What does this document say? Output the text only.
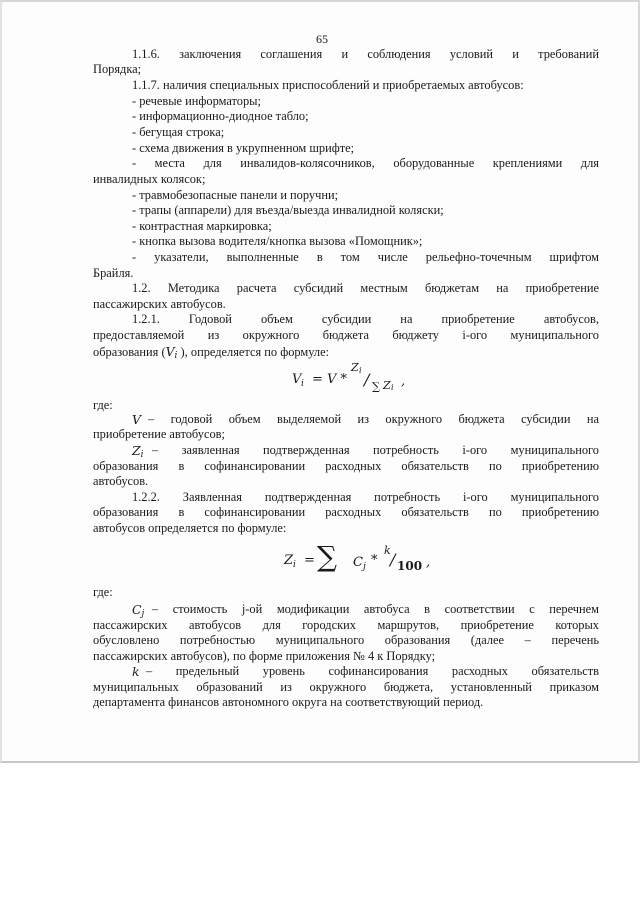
65
1.1.6. заключения соглашения и соблюдения условий и требований
Порядка;
1.1.7. наличия специальных приспособлений и приобретаемых автобусов:
- речевые информаторы;
- информационно-диодное табло;
- бегущая строка;
- схема движения в укрупненном шрифте;
- места для инвалидов-колясочников, оборудованные креплениями для
инвалидных колясок;
- травмобезопасные панели и поручни;
- трапы (аппарели) для въезда/выезда инвалидной коляски;
- контрастная маркировка;
- кнопка вызова водителя/кнопка вызова «Помощник»;
- указатели, выполненные в том числе рельефно-точечным шрифтом
Брайля.
1.2. Методика расчета субсидий местным бюджетам на приобретение
пассажирских автобусов.
1.2.1. Годовой объем субсидии на приобретение автобусов,
предоставляемой из окружного бюджета бюджету i-ого муниципального
образования (Vi ), определяется по формуле:
V i = V *
Z i / ∑ Z i ,
где:
V – годовой объем выделяемой из окружного бюджета субсидии на
приобретение автобусов;
Zi – заявленная подтвержденная потребность i-ого муниципального
образования в софинансировании расходных обязательств по приобретению
автобусов.
1.2.2. Заявленная подтвержденная потребность i-ого муниципального
образования в софинансировании расходных обязательств по приобретению
автобусов определяется по формуле:
Z i = ∑ C j *
k / 100 ,
где:
Cj – стоимость j-ой модификации автобуса в соответствии с перечнем
пассажирских автобусов для городских маршрутов, приобретение которых
обусловлено потребностью муниципального образования (далее – перечень
пассажирских автобусов), по форме приложения № 4 к Порядку;
k – предельный уровень софинансирования расходных обязательств
муниципальных образований из окружного бюджета, установленный приказом
департамента финансов автономного округа на соответствующий период.
